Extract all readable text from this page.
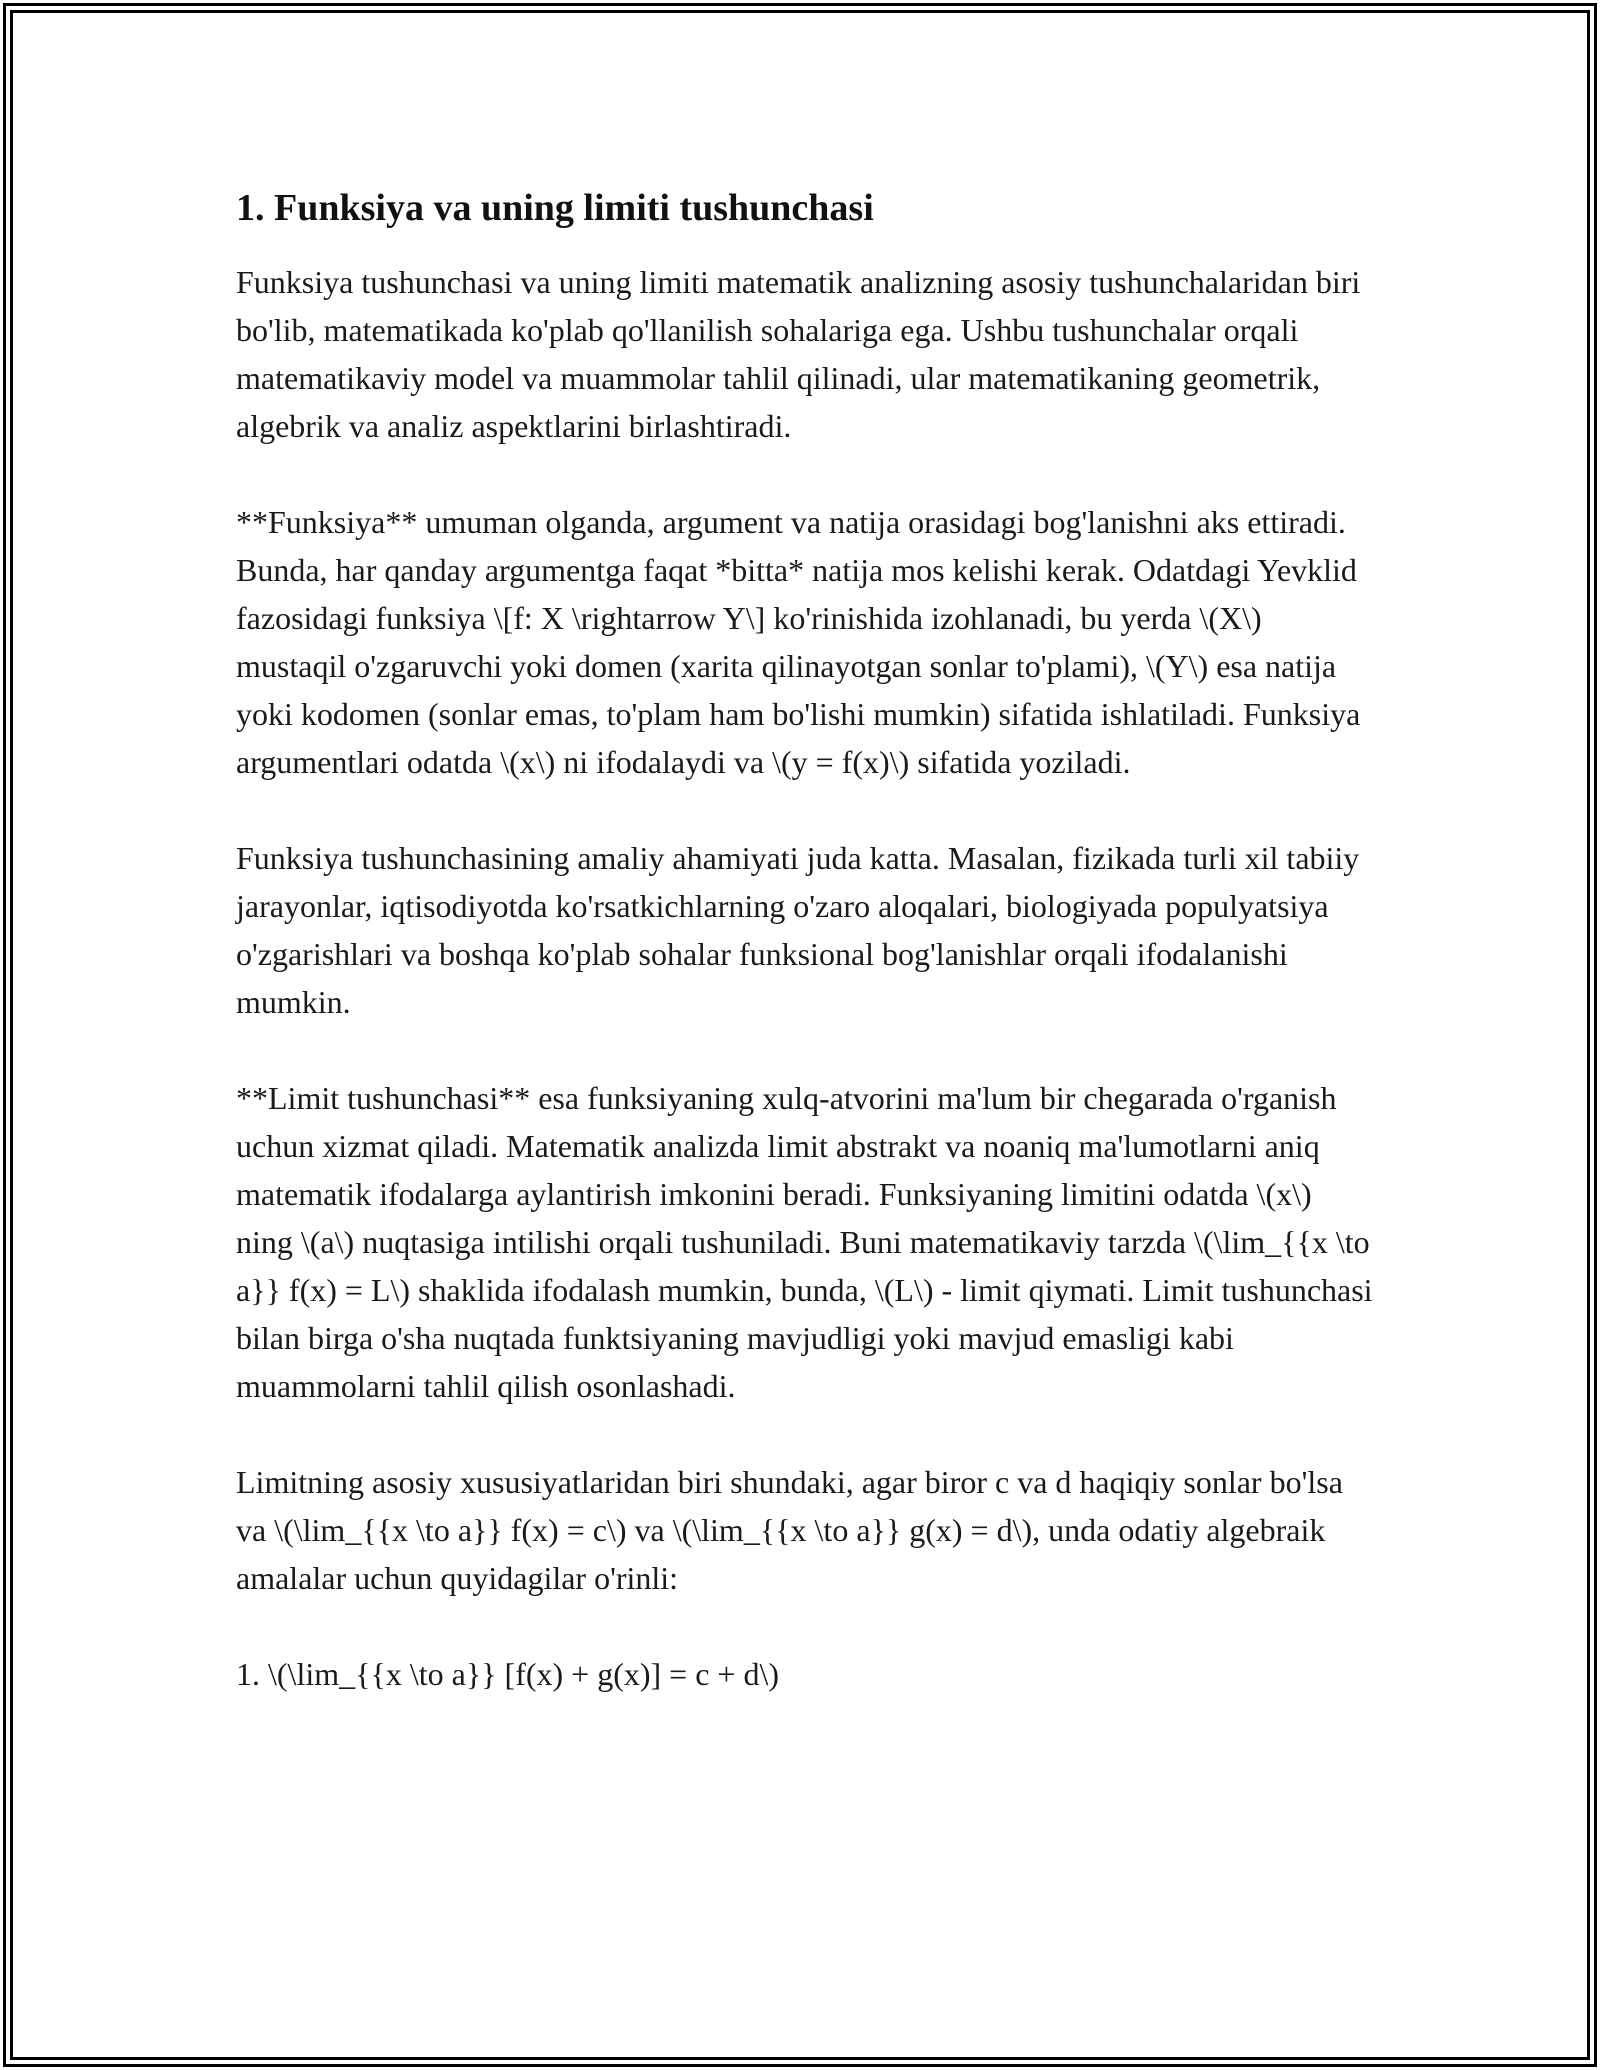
1. Funksiya va uning limiti tushunchasi

Funksiya tushunchasi va uning limiti matematik analizning asosiy tushunchalaridan biri bo'lib, matematikada ko'plab qo'llanilish sohalariga ega. Ushbu tushunchalar orqali matematikaviy model va muammolar tahlil qilinadi, ular matematikaning geometrik, algebrik va analiz aspektlarini birlashtiradi.

**Funksiya** umuman olganda, argument va natija orasidagi bog'lanishni aks ettiradi. Bunda, har qanday argumentga faqat *bitta* natija mos kelishi kerak. Odatdagi Yevklid fazosidagi funksiya \[f: X \rightarrow Y\] ko'rinishida izohlanadi, bu yerda \(X\) mustaqil o'zgaruvchi yoki domen (xarita qilinayotgan sonlar to'plami), \(Y\) esa natija yoki kodomen (sonlar emas, to'plam ham bo'lishi mumkin) sifatida ishlatiladi. Funksiya argumentlari odatda \(x\) ni ifodalaydi va \(y = f(x)\) sifatida yoziladi.

Funksiya tushunchasining amaliy ahamiyati juda katta. Masalan, fizikada turli xil tabiiy jarayonlar, iqtisodiyotda ko'rsatkichlarning o'zaro aloqalari, biologiyada populyatsiya o'zgarishlari va boshqa ko'plab sohalar funksional bog'lanishlar orqali ifodalanishi mumkin.

**Limit tushunchasi** esa funksiyaning xulq-atvorini ma'lum bir chegarada o'rganish uchun xizmat qiladi. Matematik analizda limit abstrakt va noaniq ma'lumotlarni aniq matematik ifodalarga aylantirish imkonini beradi. Funksiyaning limitini odatda \(x\) ning \(a\) nuqtasiga intilishi orqali tushuniladi. Buni matematikaviy tarzda \(\lim_{{x \to a}} f(x) = L\) shaklida ifodalash mumkin, bunda, \(L\) - limit qiymati. Limit tushunchasi bilan birga o'sha nuqtada funktsiyaning mavjudligi yoki mavjud emasligi kabi muammolarni tahlil qilish osonlashadi.

Limitning asosiy xususiyatlaridan biri shundaki, agar biror c va d haqiqiy sonlar bo'lsa va \(\lim_{{x \to a}} f(x) = c\) va \(\lim_{{x \to a}} g(x) = d\), unda odatiy algebraik amalalar uchun quyidagilar o'rinli:

1. \(\lim_{{x \to a}} [f(x) + g(x)] = c + d\)
